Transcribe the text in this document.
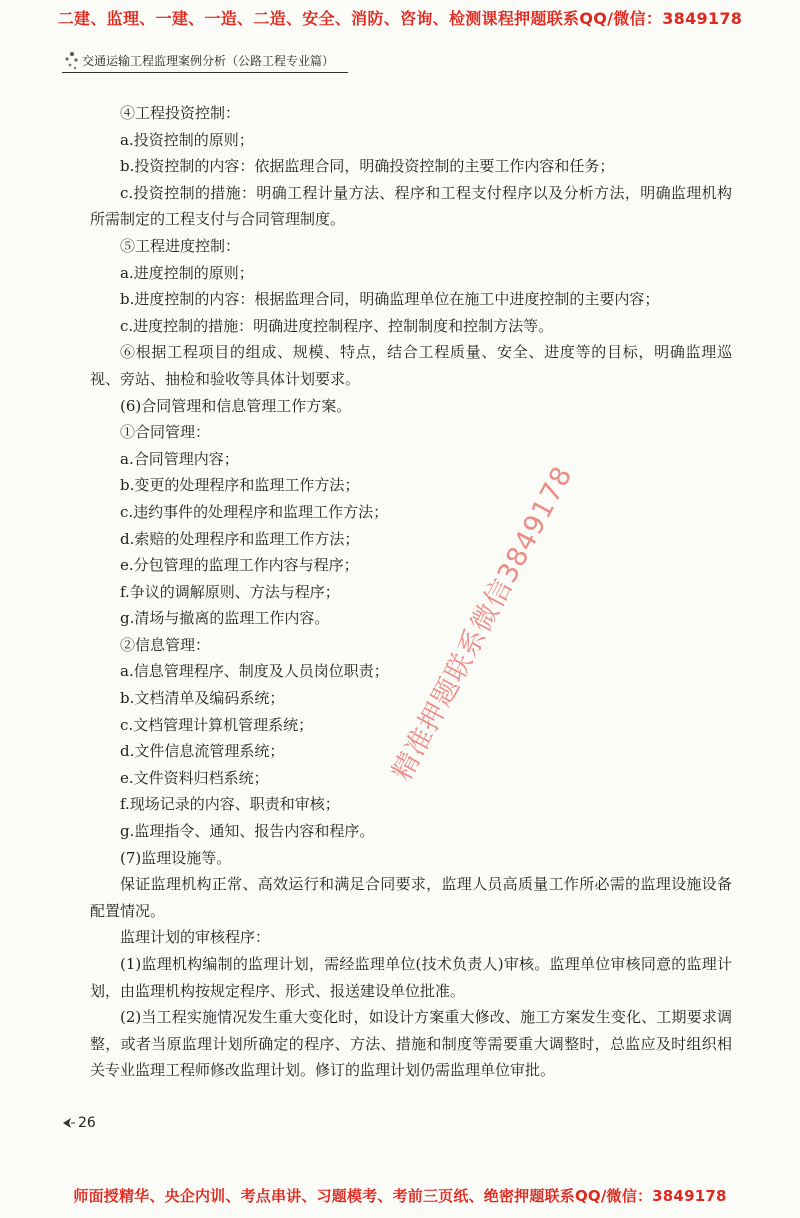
二建、监理、一建、一造、二造、安全、消防、咨询、检测课程押题联系QQ/微信：3849178
交通运输工程监理案例分析（公路工程专业篇）

④工程投资控制：

a.投资控制的原则；

b.投资控制的内容：依据监理合同，明确投资控制的主要工作内容和任务；

c.投资控制的措施：明确工程计量方法、程序和工程支付程序以及分析方法，明确监理机构所需制定的工程支付与合同管理制度。

⑤工程进度控制：

a.进度控制的原则；

b.进度控制的内容：根据监理合同，明确监理单位在施工中进度控制的主要内容；

c.进度控制的措施：明确进度控制程序、控制制度和控制方法等。

⑥根据工程项目的组成、规模、特点，结合工程质量、安全、进度等的目标，明确监理巡视、旁站、抽检和验收等具体计划要求。

(6)合同管理和信息管理工作方案。

①合同管理：

a.合同管理内容；

b.变更的处理程序和监理工作方法；

c.违约事件的处理程序和监理工作方法；

d.索赔的处理程序和监理工作方法；

e.分包管理的监理工作内容与程序；

f.争议的调解原则、方法与程序；

g.清场与撤离的监理工作内容。

②信息管理：

a.信息管理程序、制度及人员岗位职责；

b.文档清单及编码系统；

c.文档管理计算机管理系统；

d.文件信息流管理系统；

e.文件资料归档系统；

f.现场记录的内容、职责和审核；

g.监理指令、通知、报告内容和程序。

(7)监理设施等。

保证监理机构正常、高效运行和满足合同要求，监理人员高质量工作所必需的监理设施设备配置情况。

监理计划的审核程序：

(1)监理机构编制的监理计划，需经监理单位(技术负责人)审核。监理单位审核同意的监理计划，由监理机构按规定程序、形式、报送建设单位批准。

(2)当工程实施情况发生重大变化时，如设计方案重大修改、施工方案发生变化、工期要求调整，或者当原监理计划所确定的程序、方法、措施和制度等需要重大调整时，总监应及时组织相关专业监理工程师修改监理计划。修订的监理计划仍需监理单位审批。

精准押题联系微信3849178
26
师面授精华、央企内训、考点串讲、习题模考、考前三页纸、绝密押题联系QQ/微信：3849178
